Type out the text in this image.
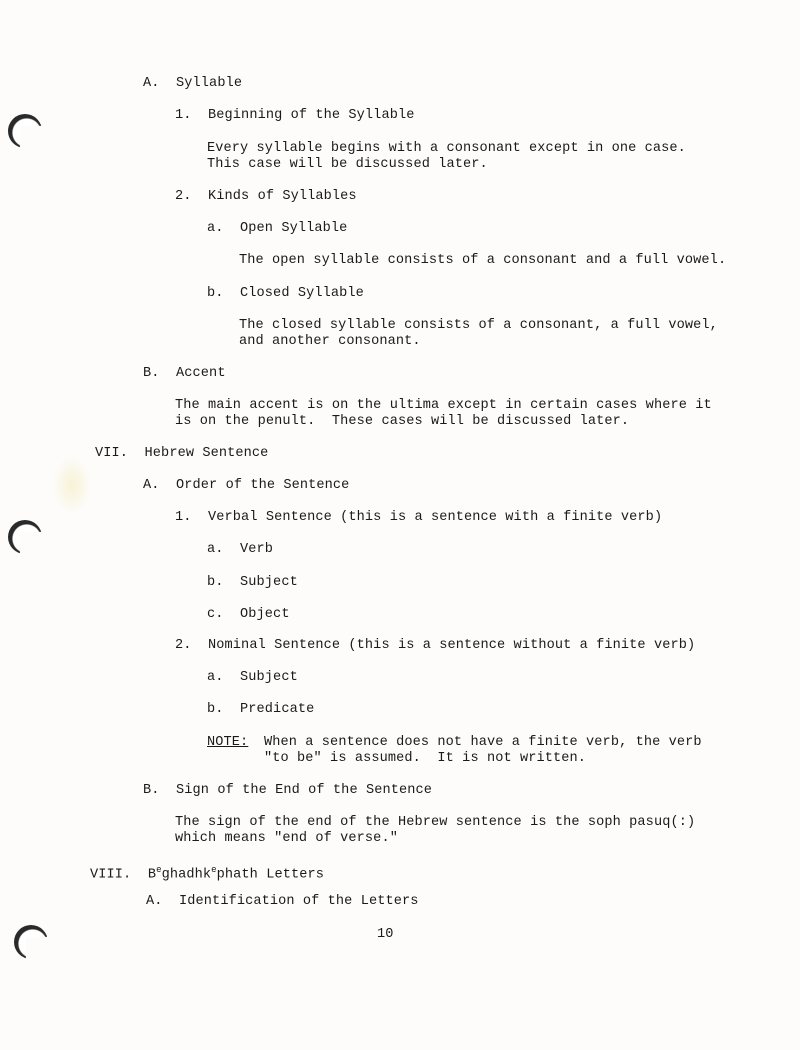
A. Syllable
1. Beginning of the Syllable
Every syllable begins with a consonant except in one case.
This case will be discussed later.
2. Kinds of Syllables
a. Open Syllable
The open syllable consists of a consonant and a full vowel.
b. Closed Syllable
The closed syllable consists of a consonant, a full vowel,
and another consonant.
B. Accent
The main accent is on the ultima except in certain cases where it
is on the penult.  These cases will be discussed later.
VII. Hebrew Sentence
A. Order of the Sentence
1. Verbal Sentence (this is a sentence with a finite verb)
a. Verb
b. Subject
c. Object
2. Nominal Sentence (this is a sentence without a finite verb)
a. Subject
b. Predicate
NOTE: When a sentence does not have a finite verb, the verb
"to be" is assumed.  It is not written.
B. Sign of the End of the Sentence
The sign of the end of the Hebrew sentence is the soph pasuq(:)
which means "end of verse."
VIII. $B^eghadhk^ephath$ Letters
A. Identification of the Letters
10
